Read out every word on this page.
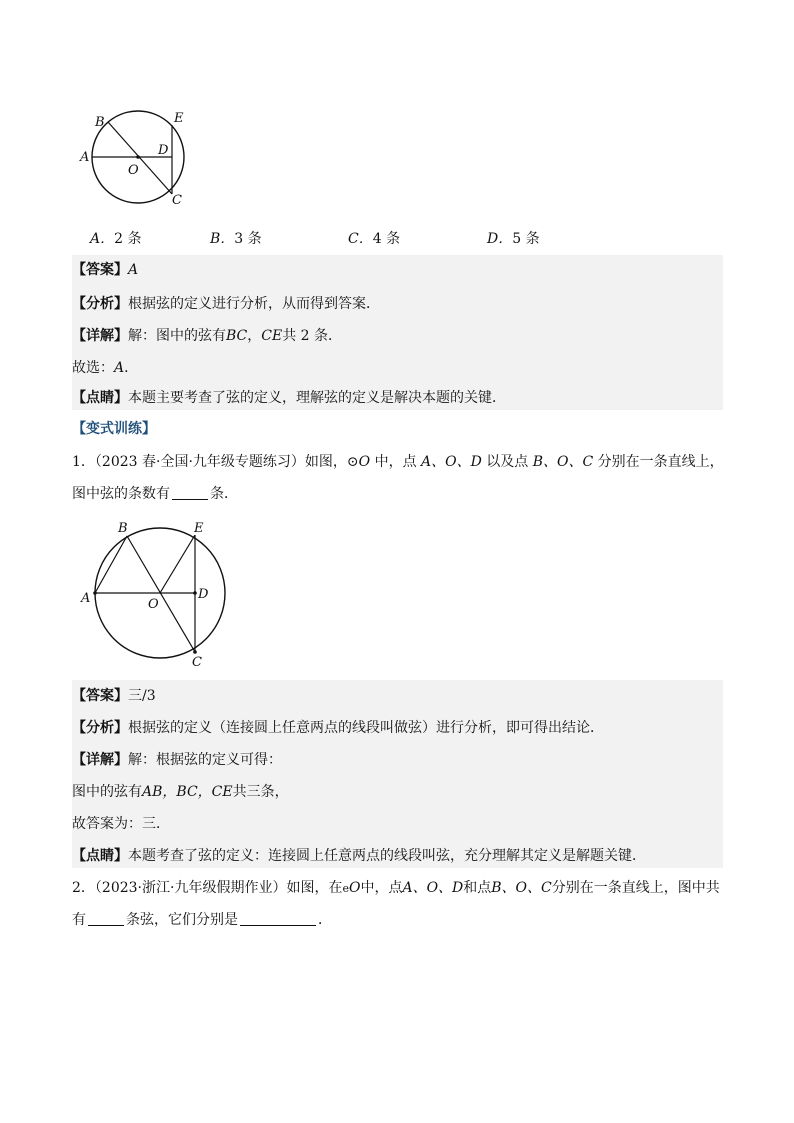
A
B	E
D
O
C
A．2 条	B．3 条	C．4 条	D．5 条
【答案】A
【分析】根据弦的定义进行分析，从而得到答案．
【详解】解：图中的弦有BC，CE共 2 条．
故选：A．
【点睛】本题主要考查了弦的定义，理解弦的定义是解决本题的关键．
【变式训练】
1．（2023 春·全国·九年级专题练习）如图，⊙O 中，点 A、O、D 以及点 B、O、C 分别在一条直线上，
图中弦的条数有	条．
A
B	E
D
O
C
【答案】三/3
【分析】根据弦的定义（连接圆上任意两点的线段叫做弦）进行分析，即可得出结论．
【详解】解：根据弦的定义可得：
图中的弦有AB，BC，CE共三条，
故答案为：三．
【点睛】本题考查了弦的定义：连接圆上任意两点的线段叫弦，充分理解其定义是解题关键．
2．（2023·浙江·九年级假期作业）如图，在eO中，点A、O、D和点B、O、C分别在一条直线上，图中共
有	条弦，它们分别是	．
